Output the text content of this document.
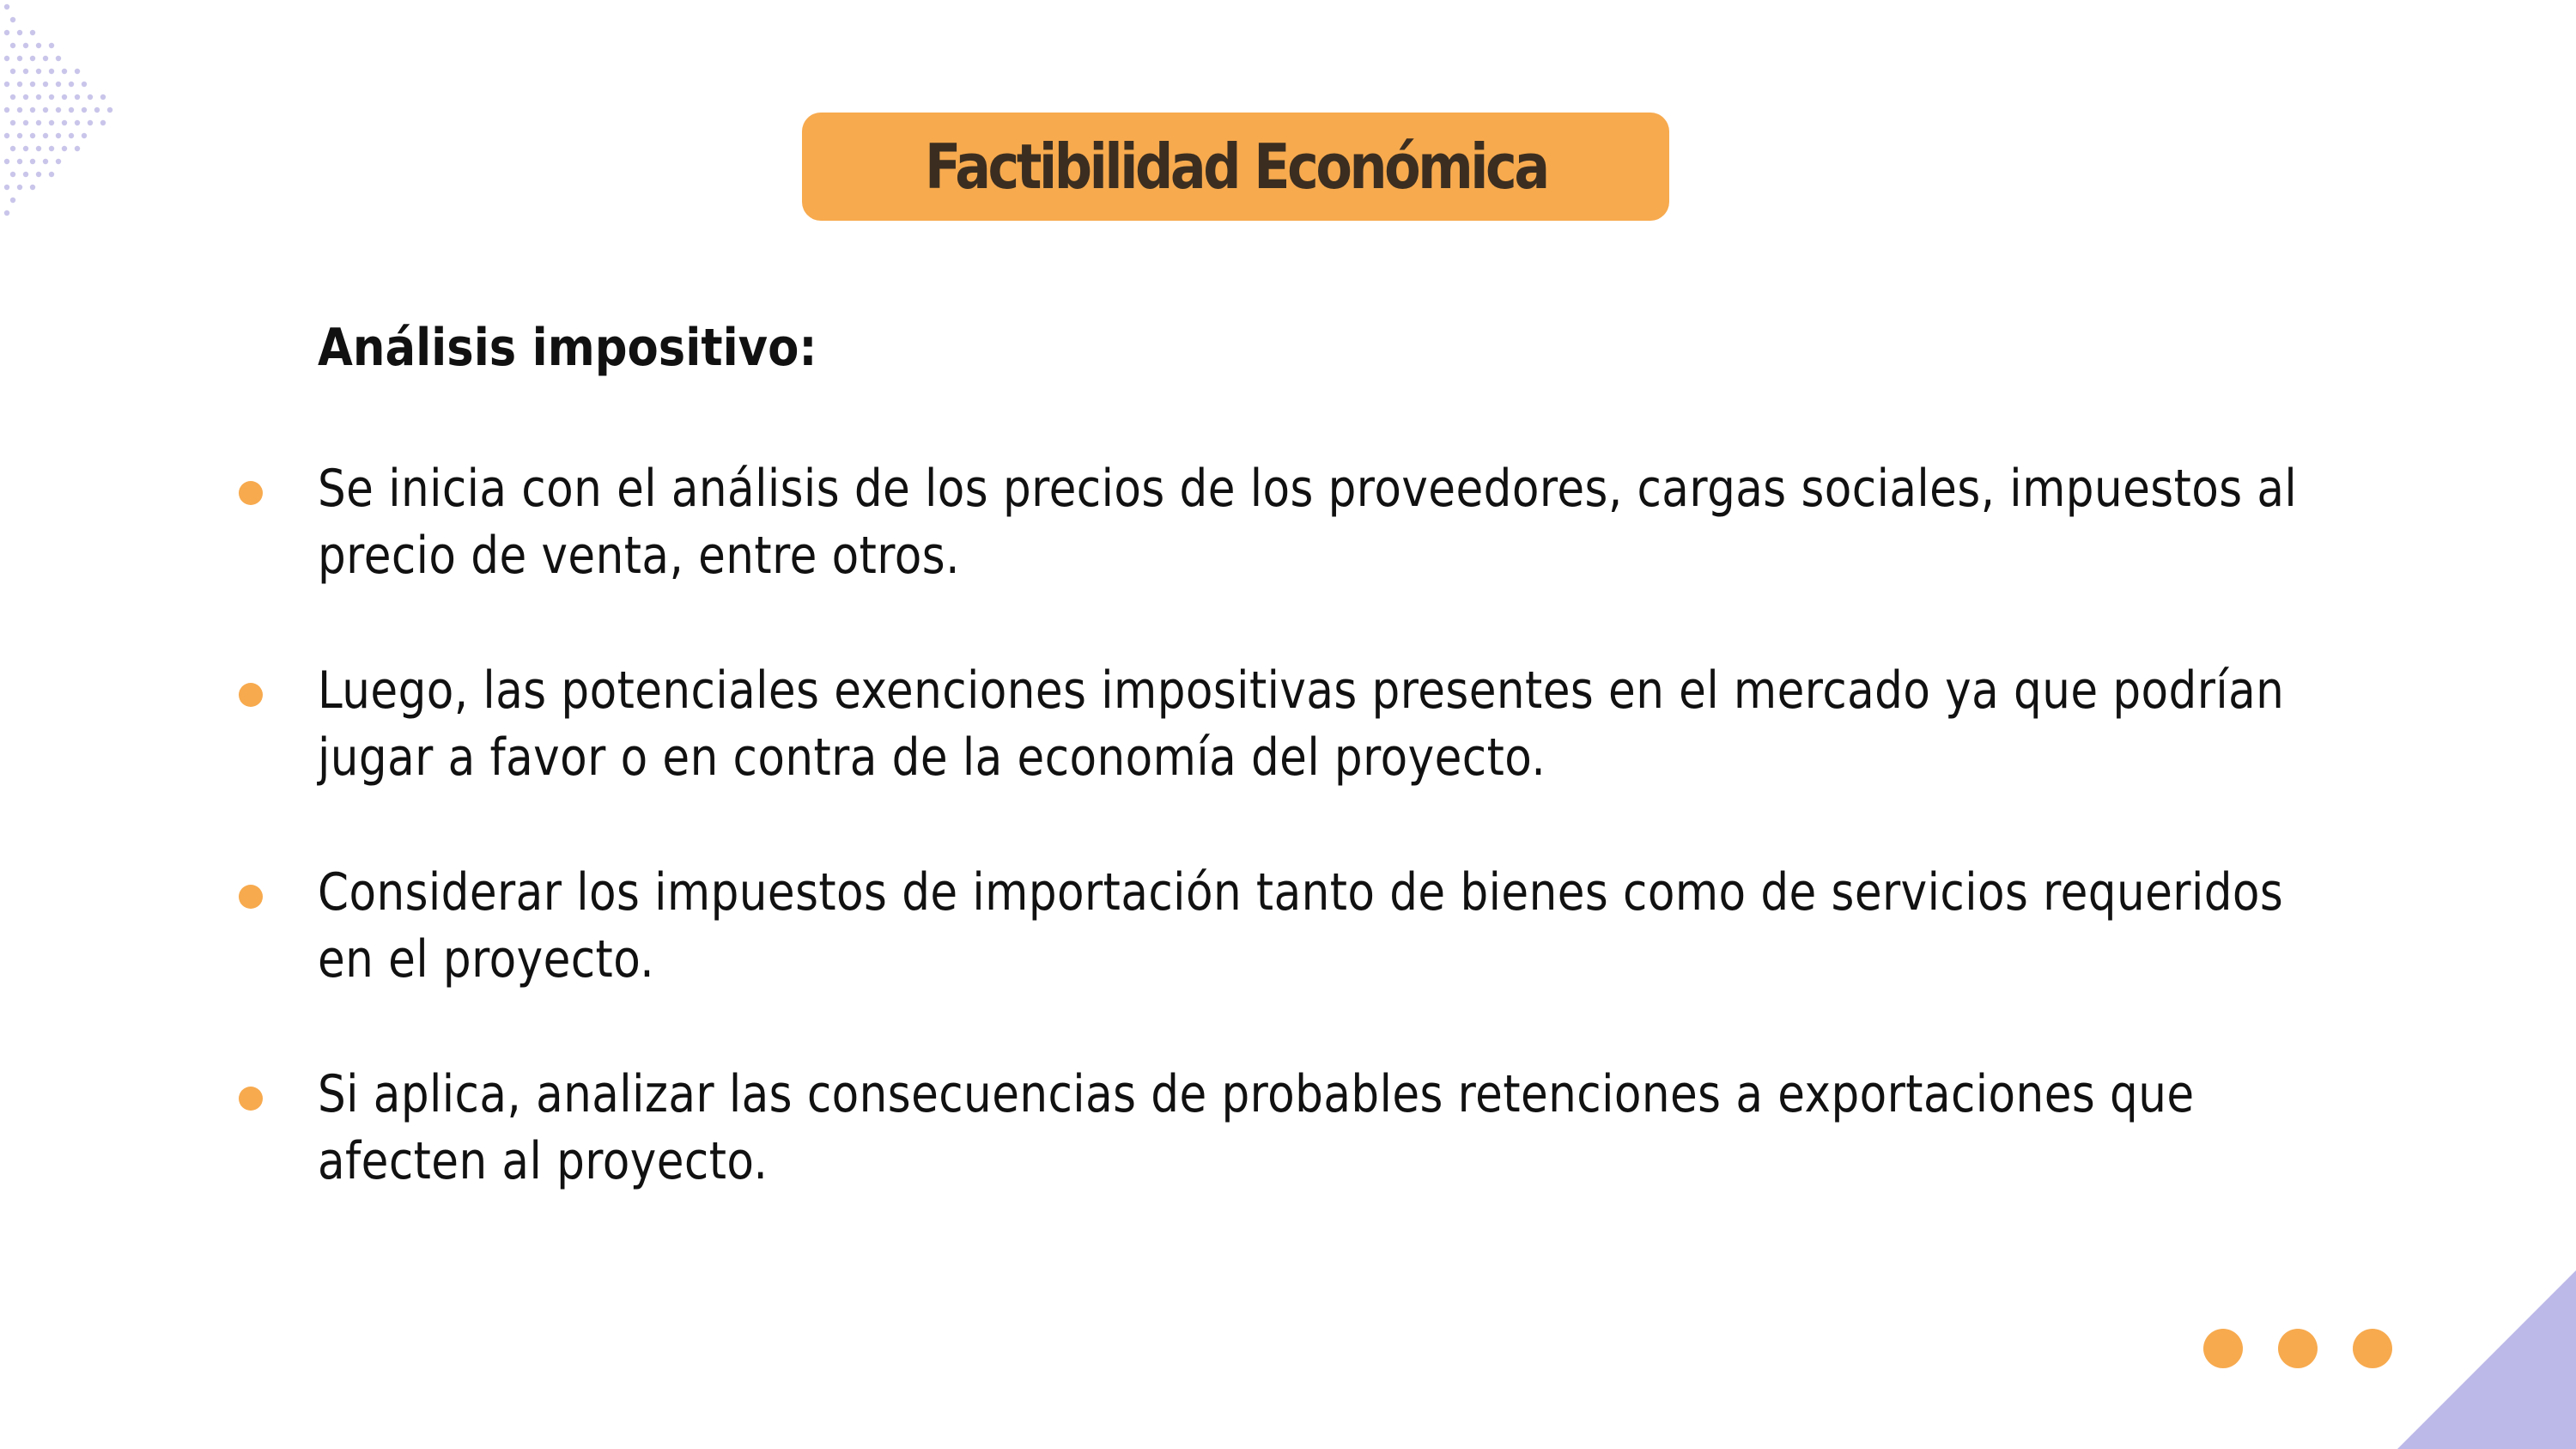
Factibilidad Económica
Análisis impositivo:
Se inicia con el análisis de los precios de los proveedores, cargas sociales, impuestos al precio de venta, entre otros.
Luego, las potenciales exenciones impositivas presentes en el mercado ya que podrían jugar a favor o en contra de la economía del proyecto.
Considerar los impuestos de importación tanto de bienes como de servicios requeridos en el proyecto.
Si aplica, analizar las consecuencias de probables retenciones a exportaciones que afecten al proyecto.
